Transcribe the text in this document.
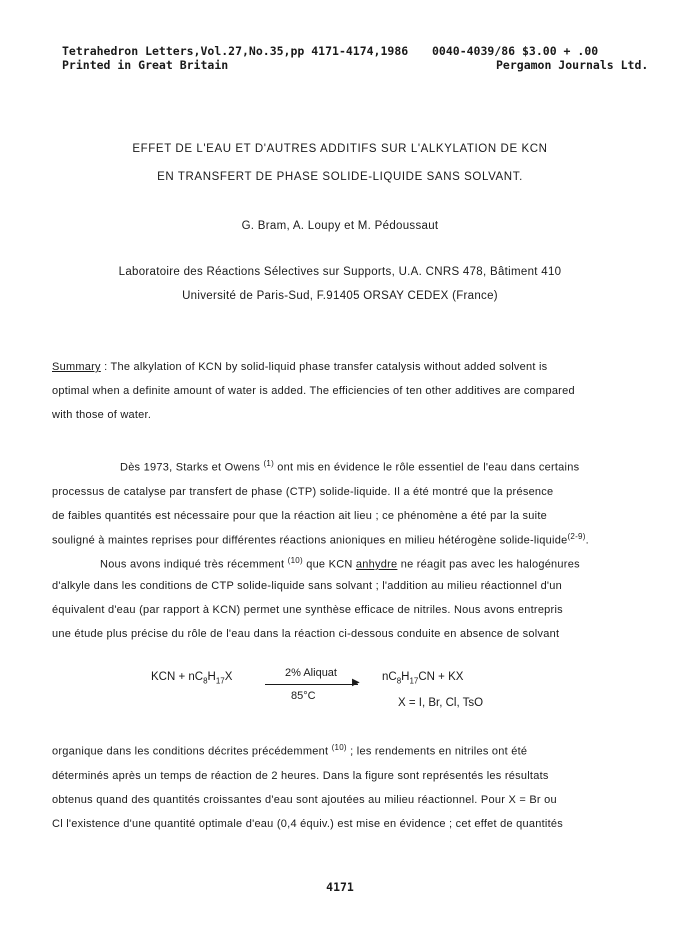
Tetrahedron Letters,Vol.27,No.35,pp 4171-4174,1986
Printed in Great Britain
0040-4039/86 $3.00 + .00
Pergamon Journals Ltd.
EFFET DE L'EAU ET D'AUTRES ADDITIFS SUR L'ALKYLATION DE KCN
EN TRANSFERT DE PHASE SOLIDE-LIQUIDE SANS SOLVANT.
G. Bram, A. Loupy et M. Pédoussaut
Laboratoire des Réactions Sélectives sur Supports, U.A. CNRS 478, Bâtiment 410
Université de Paris-Sud, F.91405 ORSAY CEDEX (France)
Summary : The alkylation of KCN by solid-liquid phase transfer catalysis without added solvent is
optimal when a definite amount of water is added. The efficiencies of ten other additives are compared
with those of water.
Dès 1973, Starks et Owens $^{(1)}$ ont mis en évidence le rôle essentiel de l'eau dans certains
processus de catalyse par transfert de phase (CTP) solide-liquide. Il a été montré que la présence
de faibles quantités est nécessaire pour que la réaction ait lieu ; ce phénomène a été par la suite
souligné à maintes reprises pour différentes réactions anioniques en milieu hétérogène solide-liquide$^{(2-9)}$.
Nous avons indiqué très récemment $^{(10)}$ que KCN anhydre ne réagit pas avec les halogénures
d'alkyle dans les conditions de CTP solide-liquide sans solvant ; l'addition au milieu réactionnel d'un
équivalent d'eau (par rapport à KCN) permet une synthèse efficace de nitriles. Nous avons entrepris
une étude plus précise du rôle de l'eau dans la réaction ci-dessous conduite en absence de solvant
KCN + $nC_8H_{17}X$	2% Aliquat
▶
85°C
$nC_8H_{17}CN$ + KX
X = I, Br, Cl, TsO
organique dans les conditions décrites précédemment $^{(10)}$ ; les rendements en nitriles ont été
déterminés après un temps de réaction de 2 heures. Dans la figure sont représentés les résultats
obtenus quand des quantités croissantes d'eau sont ajoutées au milieu réactionnel. Pour X = Br ou
Cl l'existence d'une quantité optimale d'eau (0,4 équiv.) est mise en évidence ; cet effet de quantités
4171
